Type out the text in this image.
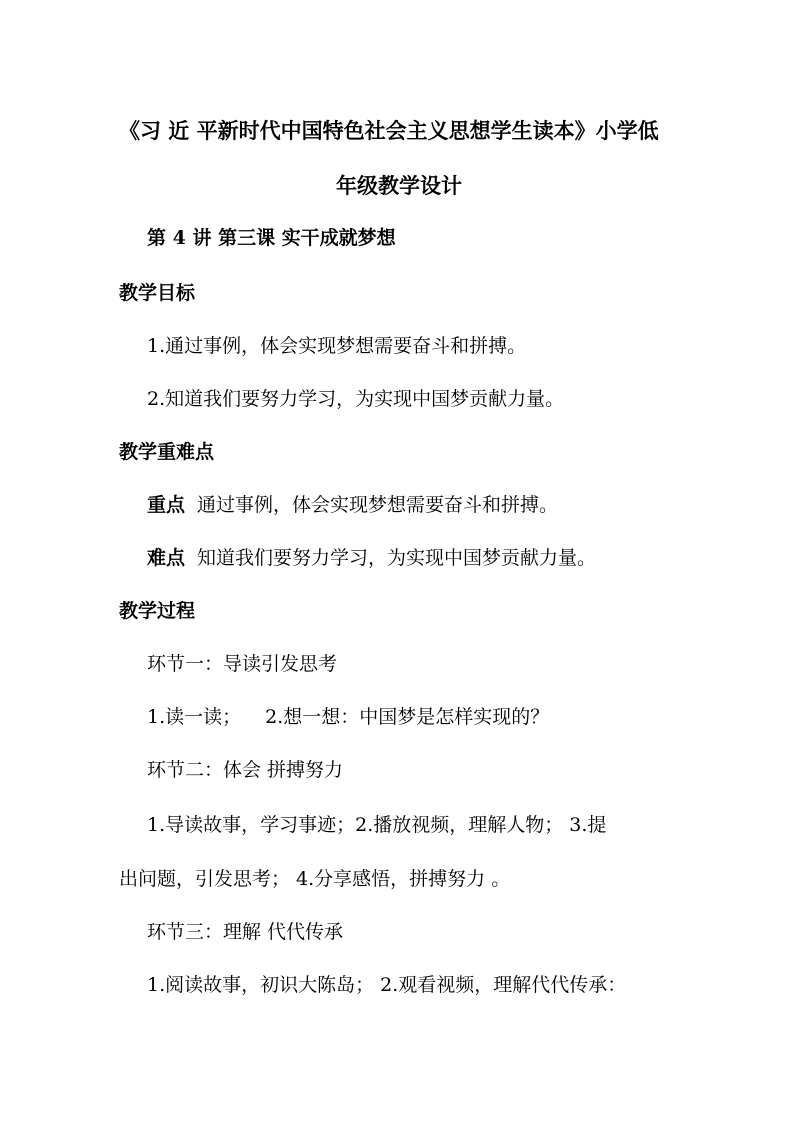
《习 近 平新时代中国特色社会主义思想学生读本》小学低
年级教学设计
第 4 讲 第三课 实干成就梦想
教学目标
1.通过事例，体会实现梦想需要奋斗和拼搏。
2.知道我们要努力学习，为实现中国梦贡献力量。
教学重难点
重点 通过事例，体会实现梦想需要奋斗和拼搏。
难点 知道我们要努力学习，为实现中国梦贡献力量。
教学过程
环节一：导读引发思考
1.读一读； 2.想一想：中国梦是怎样实现的？
环节二：体会 拼搏努力
1.导读故事，学习事迹；2.播放视频，理解人物； 3.提
出问题，引发思考； 4.分享感悟，拼搏努力 。
环节三：理解 代代传承
1.阅读故事，初识大陈岛； 2.观看视频，理解代代传承：
